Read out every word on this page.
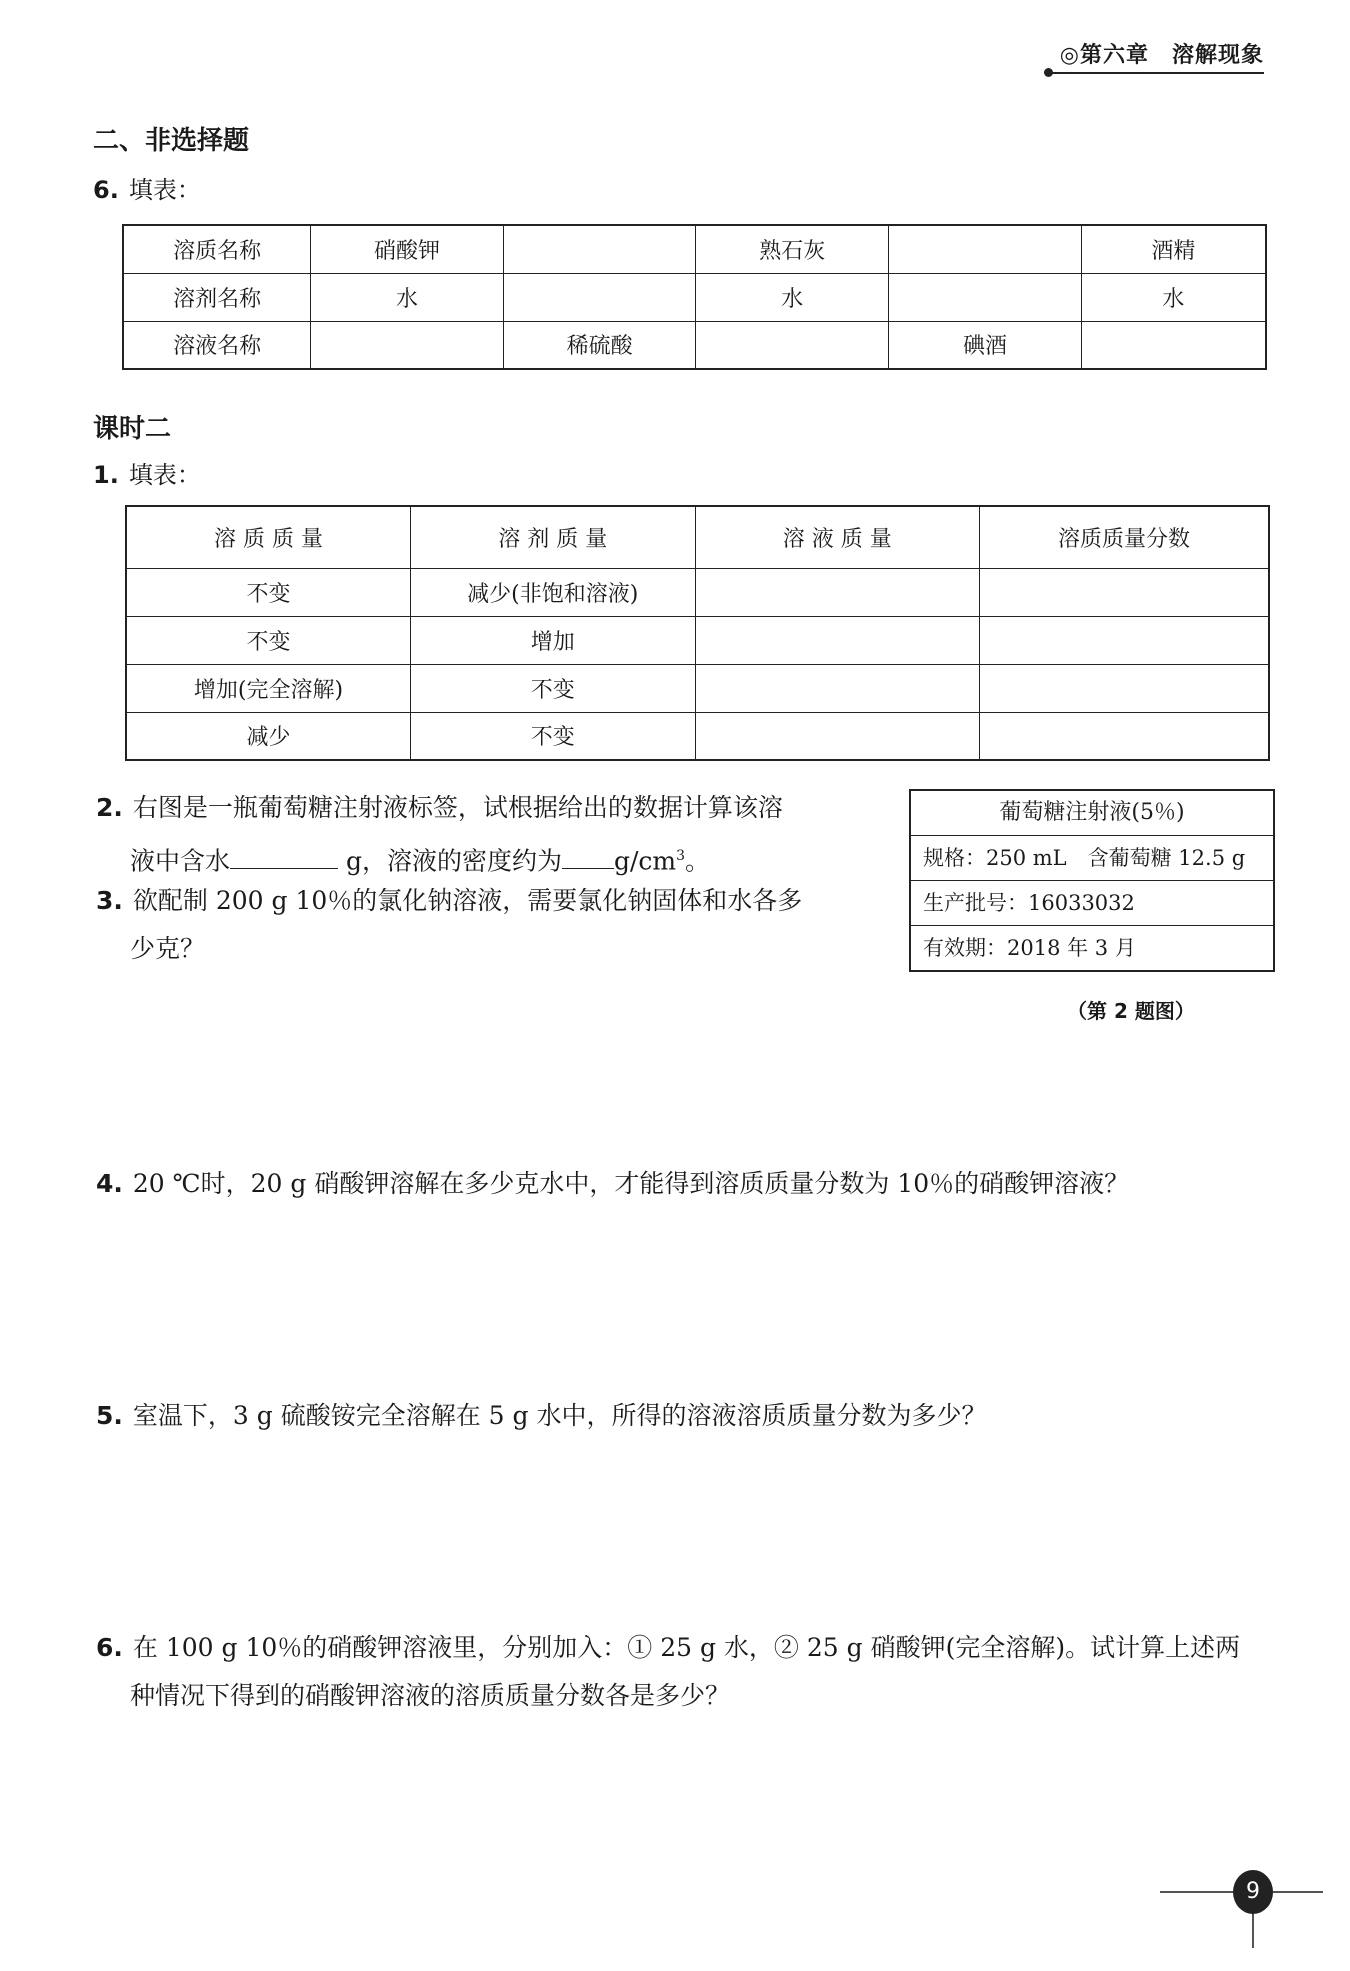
◎第六章　溶解现象
二、非选择题
6. 填表：
溶质名称	硝酸钾		熟石灰		酒精
溶剂名称	水		水		水
溶液名称		稀硫酸		碘酒	
课时二
1. 填表：
溶 质 质 量	溶 剂 质 量	溶 液 质 量	溶质质量分数
不变	减少(非饱和溶液)		
不变	增加		
增加(完全溶解)	不变		
减少	不变		
2. 右图是一瓶葡萄糖注射液标签，试根据给出的数据计算该溶
液中含水	g，溶液的密度约为 $g/cm^3$。
3. 欲配制 200 g 10％的氯化钠溶液，需要氯化钠固体和水各多
少克？
葡萄糖注射液(5％)
规格：250 mL　含葡萄糖 12.5 g
生产批号：16033032
有效期：2018 年 3 月
（第 2 题图）
4. 20 ℃时，20 g 硝酸钾溶解在多少克水中，才能得到溶质质量分数为 10％的硝酸钾溶液？
5. 室温下，3 g 硫酸铵完全溶解在 5 g 水中，所得的溶液溶质质量分数为多少？
6. 在 100 g 10％的硝酸钾溶液里，分别加入：① 25 g 水，② 25 g 硝酸钾(完全溶解)。试计算上述两
种情况下得到的硝酸钾溶液的溶质质量分数各是多少？
9
